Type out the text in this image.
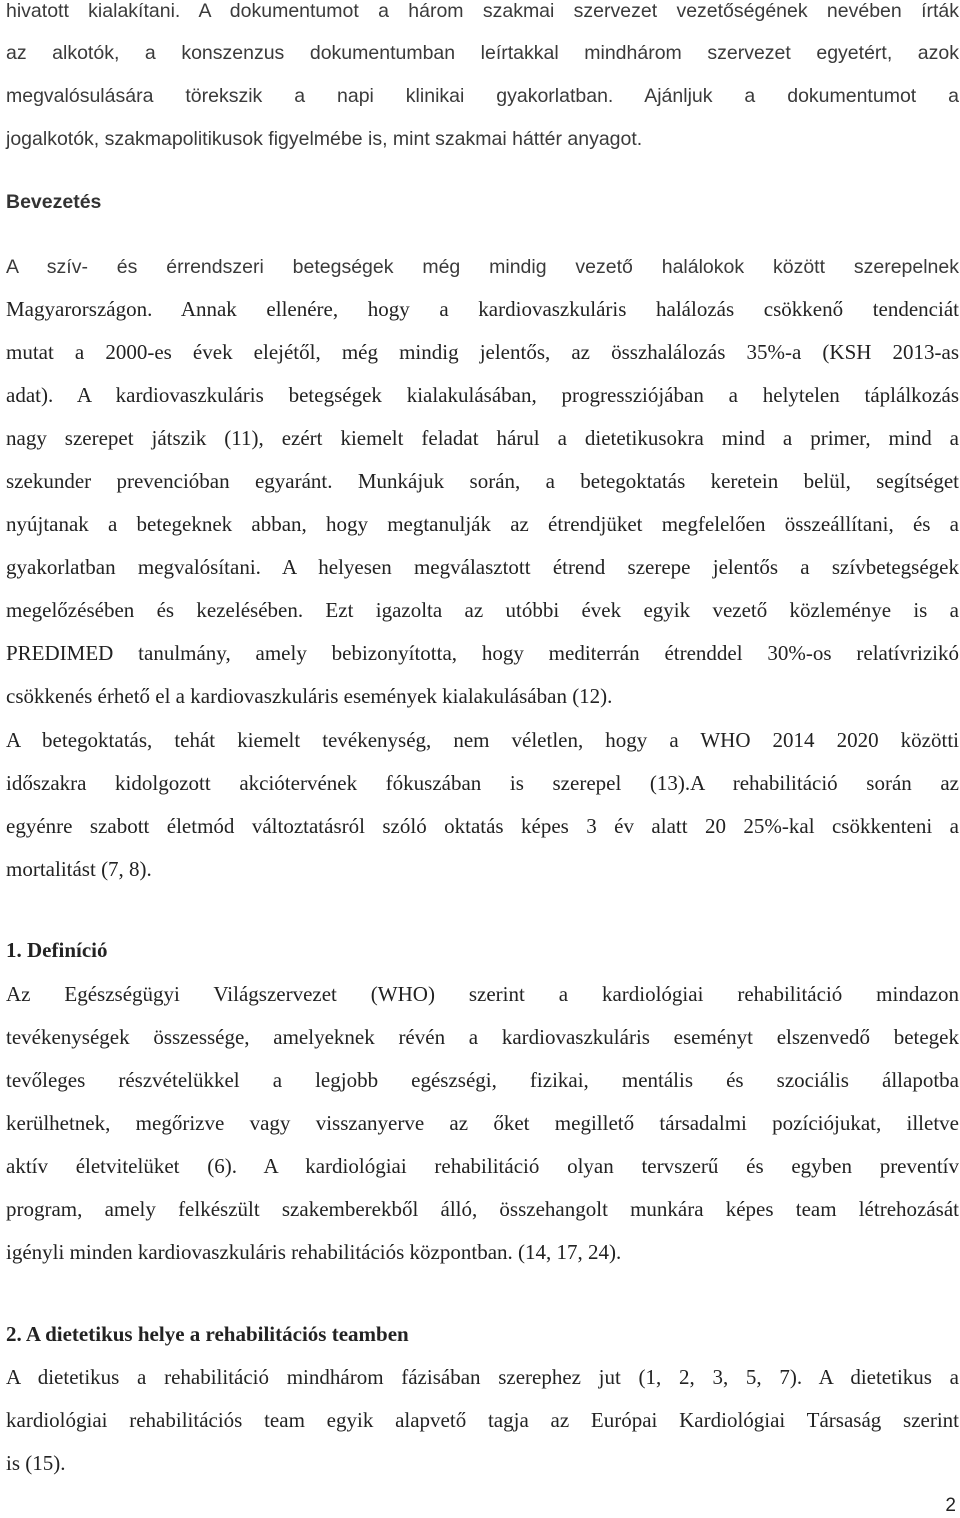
hivatott kialakítani. A dokumentumot a három szakmai szervezet vezetőségének nevében írták
az alkotók, a konszenzus dokumentumban leírtakkal mindhárom szervezet egyetért, azok
megvalósulására törekszik a napi klinikai gyakorlatban. Ajánljuk a dokumentumot a
jogalkotók, szakmapolitikusok figyelmébe is, mint szakmai háttér anyagot.
Bevezetés
A szív- és érrendszeri betegségek még mindig vezető halálokok között szerepelnek
Magyarországon. Annak ellenére, hogy a kardiovaszkuláris halálozás csökkenő tendenciát
mutat a 2000-es évek elejétől, még mindig jelentős, az összhalálozás 35%-a (KSH 2013-as
adat). A kardiovaszkuláris betegségek kialakulásában, progressziójában a helytelen táplálkozás
nagy szerepet játszik (11), ezért kiemelt feladat hárul a dietetikusokra mind a primer, mind a
szekunder prevencióban egyaránt. Munkájuk során, a betegoktatás keretein belül, segítséget
nyújtanak a betegeknek abban, hogy megtanulják az étrendjüket megfelelően összeállítani, és a
gyakorlatban megvalósítani. A helyesen megválasztott étrend szerepe jelentős a szívbetegségek
megelőzésében és kezelésében. Ezt igazolta az utóbbi évek egyik vezető közleménye is a
PREDIMED tanulmány, amely bebizonyította, hogy mediterrán étrenddel 30%-os relatívrizikó
csökkenés érhető el a kardiovaszkuláris események kialakulásában (12).
A betegoktatás, tehát kiemelt tevékenység, nem véletlen, hogy a WHO 2014 2020 közötti
időszakra kidolgozott akciótervének fókuszában is szerepel (13).A rehabilitáció során az
egyénre szabott életmód változtatásról szóló oktatás képes 3 év alatt 20 25%-kal csökkenteni a
mortalitást (7, 8).
1. Definíció
Az Egészségügyi Világszervezet (WHO) szerint a kardiológiai rehabilitáció mindazon
tevékenységek összessége, amelyeknek révén a kardiovaszkuláris eseményt elszenvedő betegek
tevőleges részvételükkel a legjobb egészségi, fizikai, mentális és szociális állapotba
kerülhetnek, megőrizve vagy visszanyerve az őket megillető társadalmi pozíciójukat, illetve
aktív életvitelüket (6). A kardiológiai rehabilitáció olyan tervszerű és egyben preventív
program, amely felkészült szakemberekből álló, összehangolt munkára képes team létrehozását
igényli minden kardiovaszkuláris rehabilitációs központban. (14, 17, 24).
2. A dietetikus helye a rehabilitációs teamben
A dietetikus a rehabilitáció mindhárom fázisában szerephez jut (1, 2, 3, 5, 7). A dietetikus a
kardiológiai rehabilitációs team egyik alapvető tagja az Európai Kardiológiai Társaság szerint
is (15).
2
